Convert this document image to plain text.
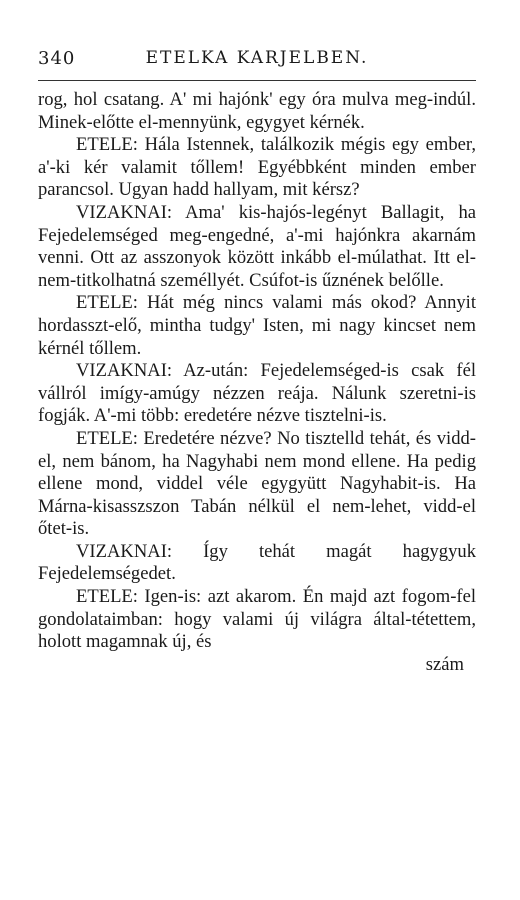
340	ETELKA KARJELBEN.

rog, hol csatang. A' mi hajónk' egy óra mulva meg-indúl. Minek-előtte el-mennyünk, egygyet kérnék.

ETELE: Hála Istennek, találkozik mégis egy ember, a'-ki kér valamit tőllem! Egyébbként minden ember parancsol. Ugyan hadd hallyam, mit kérsz?

VIZAKNAI: Ama' kis-hajós-legényt Ballagit, ha Fejedelemséged meg-engedné, a'-mi hajónkra akarnám venni. Ott az asszonyok között inkább el-múlathat. Itt el-nem-titkolhatná személlyét. Csúfot-is űznének belőlle.

ETELE: Hát még nincs valami más okod? Annyit hordasszt-elő, mintha tudgy' Isten, mi nagy kincset nem kérnél tőllem.

VIZAKNAI: Az-után: Fejedelemséged-is csak fél vállról imígy-amúgy nézzen reája. Nálunk szeretni-is fogják. A'-mi több: eredetére nézve tisztelni-is.

ETELE: Eredetére nézve? No tisztelld tehát, és vidd-el, nem bánom, ha Nagyhabi nem mond ellene. Ha pedig ellene mond, viddel véle egygyütt Nagyhabit-is. Ha Márna-kisasszszon Tabán nélkül el nem-lehet, vidd-el őtet-is.

VIZAKNAI: Így tehát magát hagygyuk Fejedelemségedet.

ETELE: Igen-is: azt akarom. Én majd azt fogom-fel gondolataimban: hogy valami új világra által-tétettem, holott magamnak új, és

szám
